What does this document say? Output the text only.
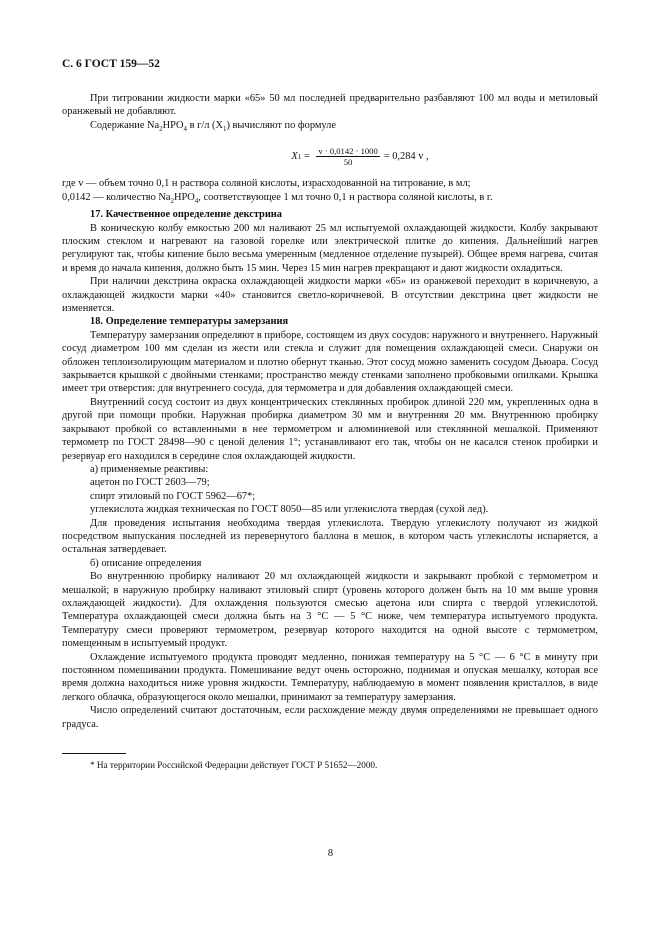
С. 6 ГОСТ 159—52

При титровании жидкости марки «65» 50 мл последней предварительно разбавляют 100 мл воды и метиловый оранжевый не добавляют.

Содержание $Na_2HPO_4$ в г/л $(X_1)$ вычисляют по формуле

X $1 = \frac{v \cdot 0,0142 \cdot 1000}{50} = 0,284$ v ,

где v — объем точно 0,1 н раствора соляной кислоты, израсходованной на титрование, в мл;

0,0142 — количество $Na_2HPO_4$, соответствующее 1 мл точно 0,1 н раствора соляной кислоты, в г.

17. Качественное определение декстрина

В коническую колбу емкостью 200 мл наливают 25 мл испытуемой охлаждающей жидкости. Колбу закрывают плоским стеклом и нагревают на газовой горелке или электрической плитке до кипения. Дальнейший нагрев регулируют так, чтобы кипение было весьма умеренным (медленное отделение пузырей). Общее время нагрева, считая и время до начала кипения, должно быть 15 мин. Через 15 мин нагрев прекращают и дают жидкости охладиться.

При наличии декстрина окраска охлаждающей жидкости марки «65» из оранжевой переходит в коричневую, а охлаждающей жидкости марки «40» становится светло-коричневой. В отсутствии декстрина цвет жидкости не изменяется.

18. Определение температуры замерзания

Температуру замерзания определяют в приборе, состоящем из двух сосудов: наружного и внутреннего. Наружный сосуд диаметром 100 мм сделан из жести или стекла и служит для помещения охлаждающей смеси. Снаружи он обложен теплоизолирующим материалом и плотно обернут тканью. Этот сосуд можно заменить сосудом Дьюара. Сосуд закрывается крышкой с двойными стенками; пространство между стенками заполнено пробковыми опилками. Крышка имеет три отверстия: для внутреннего сосуда, для термометра и для добавления охлаждающей смеси.

Внутренний сосуд состоит из двух концентрических стеклянных пробирок длиной 220 мм, укрепленных одна в другой при помощи пробки. Наружная пробирка диаметром 30 мм и внутренняя 20 мм. Внутреннюю пробирку закрывают пробкой со вставленными в нее термометром и алюминиевой или стеклянной мешалкой. Применяют термометр по ГОСТ 28498—90 с ценой деления 1°; устанавливают его так, чтобы он не касался стенок пробирки и резервуар его находился в середине слоя охлаждающей жидкости.

а) применяемые реактивы:

ацетон по ГОСТ 2603—79;

спирт этиловый по ГОСТ 5962—67*;

углекислота жидкая техническая по ГОСТ 8050—85 или углекислота твердая (сухой лед).

Для проведения испытания необходима твердая углекислота. Твердую углекислоту получают из жидкой посредством выпускания последней из перевернутого баллона в мешок, в котором часть углекислоты испаряется, а остальная затвердевает.

б) описание определения

Во внутреннюю пробирку наливают 20 мл охлаждающей жидкости и закрывают пробкой с термометром и мешалкой; в наружную пробирку наливают этиловый спирт (уровень которого должен быть на 10 мм выше уровня охлаждающей жидкости). Для охлаждения пользуются смесью ацетона или спирта с твердой углекислотой. Температура охлаждающей смеси должна быть на 3 °С — 5 °С ниже, чем температура испытуемого продукта. Температуру смеси проверяют термометром, резервуар которого находится на одной высоте с термометром, помещенным в испытуемый продукт.

Охлаждение испытуемого продукта проводят медленно, понижая температуру на 5 °С — 6 °С в минуту при постоянном помешивании продукта. Помешивание ведут очень осторожно, поднимая и опуская мешалку, которая все время должна находиться ниже уровня жидкости. Температуру, наблюдаемую в момент появления кристаллов, в виде легкого облачка, образующегося около мешалки, принимают за температуру замерзания.

Число определений считают достаточным, если расхождение между двумя определениями не превышает одного градуса.

* На территории Российской Федерации действует ГОСТ Р 51652—2000.

8
